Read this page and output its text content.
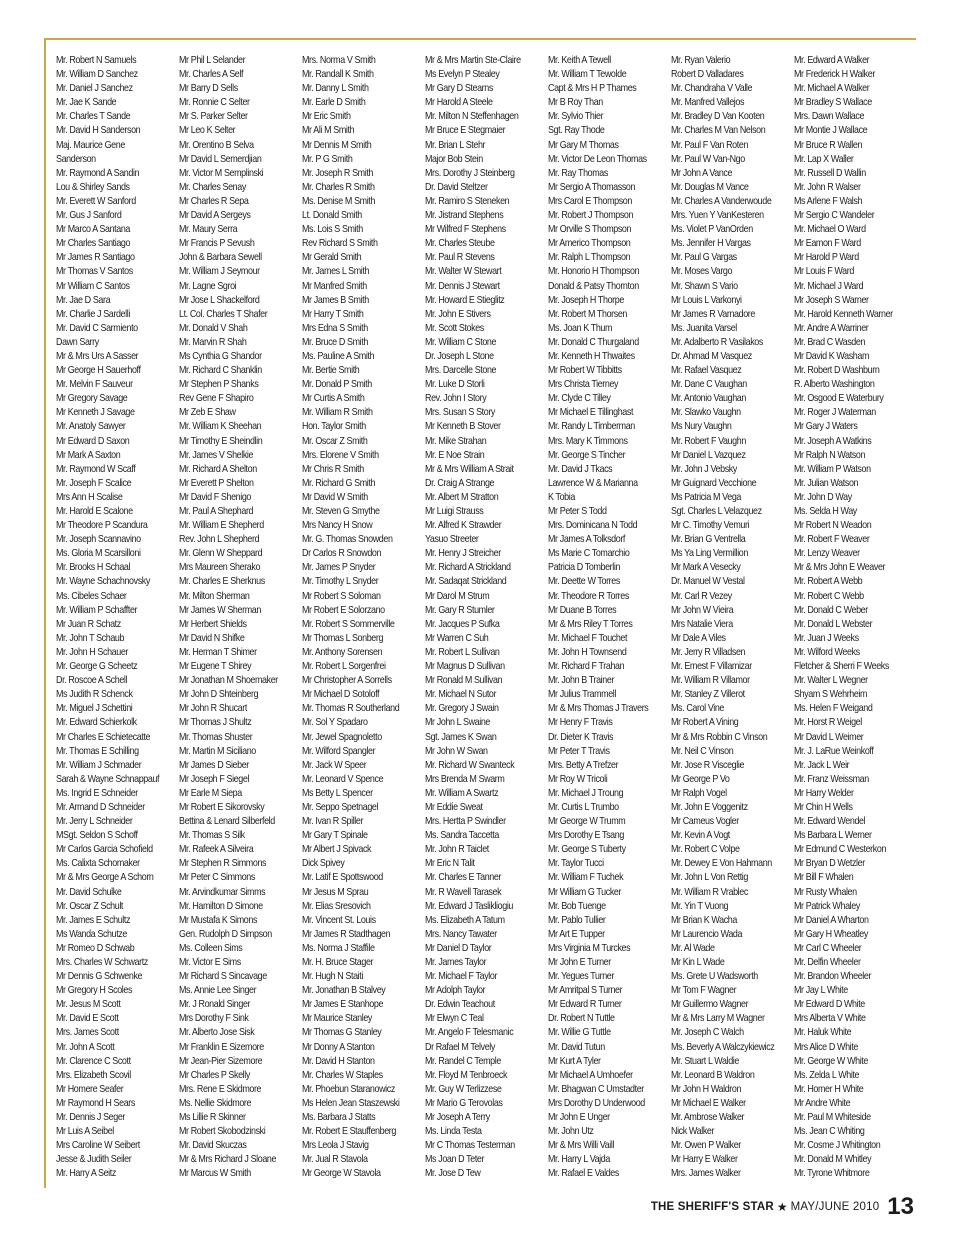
Mr. Robert N Samuels
Mr. William D Sanchez
Mr. Daniel J Sanchez
Mr. Jae K Sande
Mr. Charles T Sande
Mr. David H Sanderson
Maj. Maurice Gene
Sanderson
Mr. Raymond A Sandin
Lou & Shirley Sands
Mr. Everett W Sanford
Mr. Gus J Sanford
Mr Marco A Santana
Mr Charles Santiago
Mr James R Santiago
Mr Thomas V Santos
Mr William C Santos
Mr. Jae D Sara
Mr. Charlie J Sardelli
Mr. David C Sarmiento
Dawn Sarry
Mr & Mrs Urs A Sasser
Mr George H Sauerhoff
Mr. Melvin F Sauveur
Mr Gregory Savage
Mr Kenneth J Savage
Mr. Anatoly Sawyer
Mr Edward D Saxon
Mr Mark A Saxton
Mr. Raymond W Scaff
Mr. Joseph F Scalice
Mrs Ann H Scalise
Mr. Harold E Scalone
Mr Theodore P Scandura
Mr. Joseph Scannavino
Ms. Gloria M Scarsilloni
Mr. Brooks H Schaal
Mr. Wayne Schachnovsky
Ms. Cibeles Schaer
Mr. William P Schaffter
Mr Juan R Schatz
Mr. John T Schaub
Mr. John H Schauer
Mr. George G Scheetz
Dr. Roscoe A Schell
Ms Judith R Schenck
Mr. Miguel J Schettini
Mr. Edward Schierkolk
Mr Charles E Schietecatte
Mr. Thomas E Schilling
Mr. William J Schmader
Sarah & Wayne Schnappauf
Ms. Ingrid E Schneider
Mr. Armand D Schneider
Mr. Jerry L Schneider
MSgt. Seldon S Schoff
Mr Carlos Garcia Schofield
Ms. Calixta Schomaker
Mr & Mrs George A Schorn
Mr. David Schulke
Mr. Oscar Z Schult
Mr. James E Schultz
Ms Wanda Schutze
Mr Romeo D Schwab
Mrs. Charles W Schwartz
Mr Dennis G Schwenke
Mr Gregory H Scoles
Mr. Jesus M Scott
Mr. David E Scott
Mrs. James Scott
Mr. John A Scott
Mr. Clarence C Scott
Mrs. Elizabeth Scovil
Mr Homere Seafer
Mr Raymond H Sears
Mr. Dennis J Seger
Mr Luis A Seibel
Mrs Caroline W Seibert
Jesse & Judith Seiler
Mr. Harry A Seitz
Mr Phil L Selander
Mr. Charles A Self
Mr Barry D Sells
Mr. Ronnie C Selter
Mr S. Parker Selter
Mr Leo K Selter
Mr. Orentino B Selva
Mr David L Semerdjian
Mr. Victor M Semplinski
Mr. Charles Senay
Mr Charles R Sepa
Mr David A Sergeys
Mr. Maury Serra
Mr Francis P Sevush
John & Barbara Sewell
Mr. William J Seymour
Mr. Lagne Sgroi
Mr Jose L Shackelford
Lt. Col. Charles T Shafer
Mr. Donald V Shah
Mr. Marvin R Shah
Ms Cynthia G Shandor
Mr. Richard C Shanklin
Mr Stephen P Shanks
Rev Gene F Shapiro
Mr Zeb E Shaw
Mr. William K Sheehan
Mr Timothy E Sheindlin
Mr. James V Shelkie
Mr. Richard A Shelton
Mr Everett P Shelton
Mr David F Shenigo
Mr. Paul A Shephard
Mr. William E Shepherd
Rev. John L Shepherd
Mr. Glenn W Sheppard
Mrs Maureen Sherako
Mr. Charles E Sherknus
Mr. Milton Sherman
Mr James W Sherman
Mr Herbert Shields
Mr David N Shifke
Mr. Herman T Shimer
Mr Eugene T Shirey
Mr Jonathan M Shoemaker
Mr John D Shteinberg
Mr John R Shucart
Mr Thomas J Shultz
Mr. Thomas Shuster
Mr. Martin M Siciliano
Mr James D Sieber
Mr Joseph F Siegel
Mr Earle M Siepa
Mr Robert E Sikorovsky
Bettina & Lenard Silberfeld
Mr. Thomas S Silk
Mr. Rafeek A Silveira
Mr Stephen R Simmons
Mr Peter C Simmons
Mr. Arvindkumar Simms
Mr. Hamilton D Simone
Mr Mustafa K Simons
Gen. Rudolph D Simpson
Ms. Colleen Sims
Mr. Victor E Sims
Mr Richard S Sincavage
Ms. Annie Lee Singer
Mr. J Ronald Singer
Mrs Dorothy F Sink
Mr. Alberto Jose Sisk
Mr Franklin E Sizemore
Mr Jean-Pier Sizemore
Mr Charles P Skelly
Mrs. Rene E Skidmore
Ms. Nellie Skidmore
Ms Lillie R Skinner
Mr Robert Skobodzinski
Mr. David Skuczas
Mr & Mrs Richard J Sloane
Mr Marcus W Smith
Mrs. Norma V Smith
Mr. Randall K Smith
Mr. Danny L Smith
Mr. Earle D Smith
Mr Eric Smith
Mr Ali M Smith
Mr Dennis M Smith
Mr. P G Smith
Mr. Joseph R Smith
Mr. Charles R Smith
Ms. Denise M Smith
Lt. Donald Smith
Ms. Lois S Smith
Rev Richard S Smith
Mr Gerald Smith
Mr. James L Smith
Mr Manfred Smith
Mr James B Smith
Mr Harry T Smith
Mrs Edna S Smith
Mr. Bruce D Smith
Ms. Pauline A Smith
Mr. Bertie Smith
Mr. Donald P Smith
Mr Curtis A Smith
Mr. William R Smith
Hon. Taylor Smith
Mr. Oscar Z Smith
Mrs. Elorene V Smith
Mr Chris R Smith
Mr. Richard G Smith
Mr David W Smith
Mr. Steven G Smythe
Mrs Nancy H Snow
Mr. G. Thomas Snowden
Dr Carlos R Snowdon
Mr. James P Snyder
Mr. Timothy L Snyder
Mr Robert S Soloman
Mr Robert E Solorzano
Mr. Robert S Sommerville
Mr Thomas L Sonberg
Mr. Anthony Sorensen
Mr. Robert L Sorgenfrei
Mr Christopher A Sorrells
Mr Michael D Sotoloff
Mr. Thomas R Southerland
Mr. Sol Y Spadaro
Mr. Jewel Spagnoletto
Mr. Wilford Spangler
Mr. Jack W Speer
Mr. Leonard V Spence
Ms Betty L Spencer
Mr. Seppo Spetnagel
Mr. Ivan R Spiller
Mr Gary T Spinale
Mr Albert J Spivack
Dick Spivey
Mr. Latif E Spottswood
Mr Jesus M Sprau
Mr. Elias Sresovich
Mr. Vincent St. Louis
Mr James R Stadthagen
Ms. Norma J Staffile
Mr. H. Bruce Stager
Mr. Hugh N Staiti
Mr. Jonathan B Stalvey
Mr James E Stanhope
Mr Maurice Stanley
Mr Thomas G Stanley
Mr Donny A Stanton
Mr. David H Stanton
Mr. Charles W Staples
Mr. Phoebun Staranowicz
Ms Helen Jean Staszewski
Ms. Barbara J Statts
Mr. Robert E Stauffenberg
Mrs Leola J Stavig
Mr. Jual R Stavola
Mr George W Stavola
Mr & Mrs Martin Ste-Claire
Ms Evelyn P Stealey
Mr Gary D Stearns
Mr Harold A Steele
Mr. Milton N Steffenhagen
Mr Bruce E Stegmaier
Mr. Brian L Stehr
Major Bob Stein
Mrs. Dorothy J Steinberg
Dr. David Steltzer
Mr. Ramiro S Steneken
Mr. Jistrand Stephens
Mr Wilfred F Stephens
Mr. Charles Steube
Mr. Paul R Stevens
Mr. Walter W Stewart
Mr. Dennis J Stewart
Mr. Howard E Stieglitz
Mr. John E Stivers
Mr. Scott Stokes
Mr. William C Stone
Dr. Joseph L Stone
Mrs. Darcelle Stone
Mr. Luke D Storli
Rev. John I Story
Mrs. Susan S Story
Mr Kenneth B Stover
Mr. Mike Strahan
Mr. E Noe Strain
Mr & Mrs William A Strait
Dr. Craig A Strange
Mr. Albert M Stratton
Mr Luigi Strauss
Mr. Alfred K Strawder
Yasuo Streeter
Mr. Henry J Streicher
Mr. Richard A Strickland
Mr. Sadaqat Strickland
Mr Darol M Strum
Mr. Gary R Stumler
Mr. Jacques P Sufka
Mr Warren C Suh
Mr. Robert L Sullivan
Mr Magnus D Sullivan
Mr Ronald M Sullivan
Mr. Michael N Sutor
Mr. Gregory J Swain
Mr John L Swaine
Sgt. James K Swan
Mr John W Swan
Mr. Richard W Swanteck
Mrs Brenda M Swarm
Mr. William A Swartz
Mr Eddie Sweat
Mrs. Hertta P Swindler
Ms. Sandra Taccetta
Mr. John R Taiclet
Mr Eric N Talit
Mr. Charles E Tanner
Mr. R Wavell Tarasek
Mr. Edward J Taslikliogiu
Ms. Elizabeth A Tatum
Mrs. Nancy Tawater
Mr Daniel D Taylor
Mr. James Taylor
Mr. Michael F Taylor
Mr Adolph Taylor
Dr. Edwin Teachout
Mr Elwyn C Teal
Mr. Angelo F Telesmanic
Dr Rafael M Telvely
Mr. Randel C Temple
Mr. Floyd M Tenbroeck
Mr. Guy W Terlizzese
Mr Mario G Terovolas
Mr Joseph A Terry
Ms. Linda Testa
Mr C Thomas Testerman
Ms Joan D Teter
Mr. Jose D Tew
Mr. Keith A Tewell
Mr. William T Tewolde
Capt & Mrs H P Thames
Mr B Roy Than
Mr. Sylvio Thier
Sgt. Ray Thode
Mr Gary M Thomas
Mr. Victor De Leon Thomas
Mr. Ray Thomas
Mr Sergio A Thomasson
Mrs Carol E Thompson
Mr. Robert J Thompson
Mr Orville S Thompson
Mr Americo Thompson
Mr. Ralph L Thompson
Mr. Honorio H Thompson
Donald & Patsy Thornton
Mr. Joseph H Thorpe
Mr. Robert M Thorsen
Ms. Joan K Thum
Mr. Donald C Thurgaland
Mr. Kenneth H Thwaites
Mr Robert W Tibbitts
Mrs Christa Tierney
Mr. Clyde C Tilley
Mr Michael E Tillinghast
Mr. Randy L Timberman
Mrs. Mary K Timmons
Mr. George S Tincher
Mr. David J Tkacs
Lawrence W & Marianna
K Tobia
Mr Peter S Todd
Mrs. Dominicana N Todd
Mr James A Tolksdorf
Ms Marie C Tomarchio
Patricia D Tomberlin
Mr. Deette W Torres
Mr. Theodore R Torres
Mr Duane B Torres
Mr & Mrs Riley T Torres
Mr. Michael F Touchet
Mr. John H Townsend
Mr. Richard F Trahan
Mr. John B Trainer
Mr Julius Trammell
Mr & Mrs Thomas J Travers
Mr Henry F Travis
Dr. Dieter K Travis
Mr Peter T Travis
Mrs. Betty A Trefzer
Mr Roy W Tricoli
Mr. Michael J Troung
Mr. Curtis L Trumbo
Mr George W Trumm
Mrs Dorothy E Tsang
Mr. George S Tuberty
Mr. Taylor Tucci
Mr. William F Tuchek
Mr William G Tucker
Mr. Bob Tuenge
Mr. Pablo Tullier
Mr Art E Tupper
Mrs Virginia M Turckes
Mr John E Turner
Mr. Yegues Turner
Mr Amritpal S Turner
Mr Edward R Turner
Dr. Robert N Tuttle
Mr. Willie G Tuttle
Mr. David Tutun
Mr Kurt A Tyler
Mr Michael A Umhoefer
Mr. Bhagwan C Umstadter
Mrs Dorothy D Underwood
Mr John E Unger
Mr. John Utz
Mr & Mrs Willi Vaill
Mr. Harry L Vajda
Mr. Rafael E Valdes
Mr. Ryan Valerio
Robert D Valladares
Mr. Chandraha V Valle
Mr. Manfred Vallejos
Mr. Bradley D Van Kooten
Mr. Charles M Van Nelson
Mr. Paul F Van Roten
Mr. Paul W Van-Ngo
Mr John A Vance
Mr. Douglas M Vance
Mr. Charles A Vanderwoude
Mrs. Yuen Y VanKesteren
Ms. Violet P VanOrden
Ms. Jennifer H Vargas
Mr. Paul G Vargas
Mr. Moses Vargo
Mr. Shawn S Vario
Mr Louis L Varkonyi
Mr James R Varnadore
Ms. Juanita Varsel
Mr. Adalberto R Vasilakos
Dr. Ahmad M Vasquez
Mr. Rafael Vasquez
Mr. Dane C Vaughan
Mr. Antonio Vaughan
Mr. Slawko Vaughn
Ms Nury Vaughn
Mr. Robert F Vaughn
Mr Daniel L Vazquez
Mr. John J Vebsky
Mr Guignard Vecchione
Ms Patricia M Vega
Sgt. Charles L Velazquez
Mr C. Timothy Vemuri
Mr. Brian G Ventrella
Ms Ya Ling Vermillion
Mr Mark A Vesecky
Dr. Manuel W Vestal
Mr. Carl R Vezey
Mr John W Vieira
Mrs Natalie Viera
Mr Dale A Viles
Mr. Jerry R Villadsen
Mr. Ernest F Villamizar
Mr. William R Villamor
Mr. Stanley Z Villerot
Ms. Carol Vine
Mr Robert A Vining
Mr & Mrs Robbin C Vinson
Mr. Neil C Vinson
Mr. Jose R Visceglie
Mr George P Vo
Mr Ralph Vogel
Mr. John E Voggenitz
Mr Cameus Vogler
Mr. Kevin A Vogt
Mr. Robert C Volpe
Mr. Dewey E Von Hahmann
Mr. John L Von Rettig
Mr. William R Vrablec
Mr. Yin T Vuong
Mr Brian K Wacha
Mr Laurencio Wada
Mr. Al Wade
Mr Kin L Wade
Ms. Grete U Wadsworth
Mr Tom F Wagner
Mr Guillermo Wagner
Mr & Mrs Larry M Wagner
Mr. Joseph C Walch
Ms. Beverly A Walczykiewicz
Mr. Stuart L Waldie
Mr. Leonard B Waldron
Mr John H Waldron
Mr Michael E Walker
Mr. Ambrose Walker
Nick Walker
Mr. Owen P Walker
Mr Harry E Walker
Mrs. James Walker
Mr. Edward A Walker
Mr Frederick H Walker
Mr. Michael A Walker
Mr Bradley S Wallace
Mrs. Dawn Wallace
Mr Montie J Wallace
Mr Bruce R Wallen
Mr. Lap X Waller
Mr. Russell D Wallin
Mr. John R Walser
Ms Arlene F Walsh
Mr Sergio C Wandeler
Mr. Michael O Ward
Mr Eamon F Ward
Mr Harold P Ward
Mr Louis F Ward
Mr. Michael J Ward
Mr Joseph S Warner
Mr. Harold Kenneth Warner
Mr. Andre A Warriner
Mr. Brad C Wasden
Mr David K Washam
Mr. Robert D Washburn
R. Alberto Washington
Mr. Osgood E Waterbury
Mr. Roger J Waterman
Mr Gary J Waters
Mr. Joseph A Watkins
Mr Ralph N Watson
Mr. William P Watson
Mr. Julian Watson
Mr. John D Way
Ms. Selda H Way
Mr Robert N Weadon
Mr. Robert F Weaver
Mr. Lenzy Weaver
Mr & Mrs John E Weaver
Mr. Robert A Webb
Mr. Robert C Webb
Mr. Donald C Weber
Mr. Donald L Webster
Mr. Juan J Weeks
Mr. Wilford Weeks
Fletcher & Sherri F Weeks
Mr. Walter L Wegner
Shyam S Wehrheim
Ms. Helen F Weigand
Mr. Horst R Weigel
Mr David L Weimer
Mr. J. LaRue Weinkoff
Mr. Jack L Weir
Mr. Franz Weissman
Mr Harry Welder
Mr Chin H Wells
Mr. Edward Wendel
Ms Barbara L Werner
Mr Edmund C Westerkon
Mr Bryan D Wetzler
Mr Bill F Whalen
Mr Rusty Whalen
Mr Patrick Whaley
Mr Daniel A Wharton
Mr Gary H Wheatley
Mr Carl C Wheeler
Mr. Delfin Wheeler
Mr. Brandon Wheeler
Mr Jay L White
Mr Edward D White
Mrs Alberta V White
Mr. Haluk White
Mrs Alice D White
Mr. George W White
Ms. Zelda L White
Mr. Homer H White
Mr Andre White
Mr. Paul M Whiteside
Ms. Jean C Whiting
Mr. Cosme J Whitington
Mr. Donald M Whitley
Mr. Tyrone Whitmore
THE SHERIFF'S STAR ★ MAY/JUNE 2010 13
